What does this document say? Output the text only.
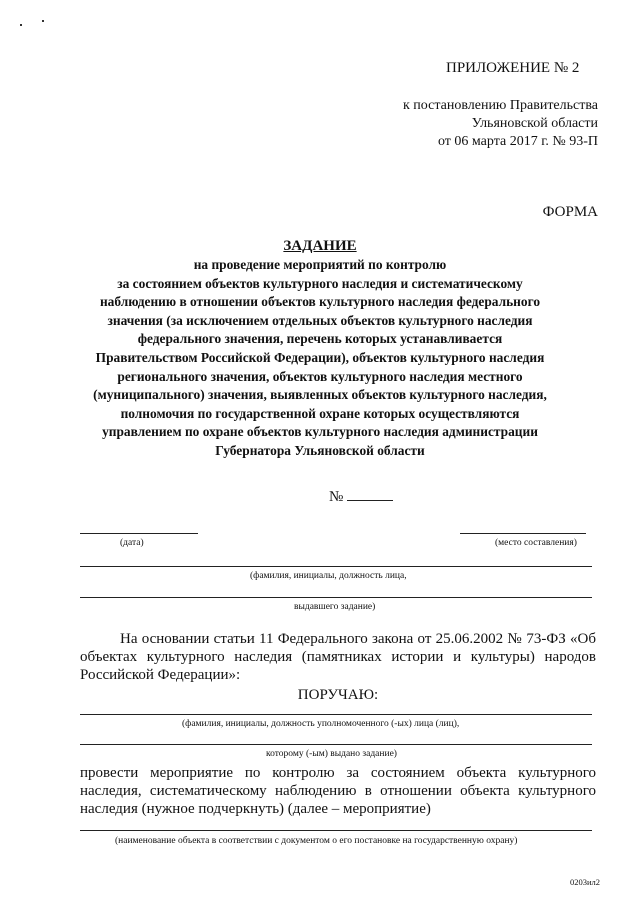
ПРИЛОЖЕНИЕ № 2
к постановлению Правительства
Ульяновской области
от 06 марта 2017 г. № 93-П
ФОРМА
ЗАДАНИЕ
на проведение мероприятий по контролю
за состоянием объектов культурного наследия и систематическому
наблюдению в отношении объектов культурного наследия федерального
значения (за исключением отдельных объектов культурного наследия
федерального значения, перечень которых устанавливается
Правительством Российской Федерации), объектов культурного наследия
регионального значения, объектов культурного наследия местного
(муниципального) значения, выявленных объектов культурного наследия,
полномочия по государственной охране которых осуществляются
управлением по охране объектов культурного наследия администрации
Губернатора Ульяновской области
№
(дата)	(место составления)
(фамилия, инициалы, должность лица,
выдавшего задание)
На основании статьи 11 Федерального закона от 25.06.2002 № 73-ФЗ «Об объектах культурного наследия (памятниках истории и культуры) народов Российской Федерации»:
ПОРУЧАЮ:
(фамилия, инициалы, должность уполномоченного (-ых) лица (лиц),
которому (-ым) выдано задание)
провести мероприятие по контролю за состоянием объекта культурного наследия, систематическому наблюдению в отношении объекта культурного наследия (нужное подчеркнуть) (далее – мероприятие)
(наименование объекта в соответствии с документом о его постановке на государственную охрану)
0203ил2
